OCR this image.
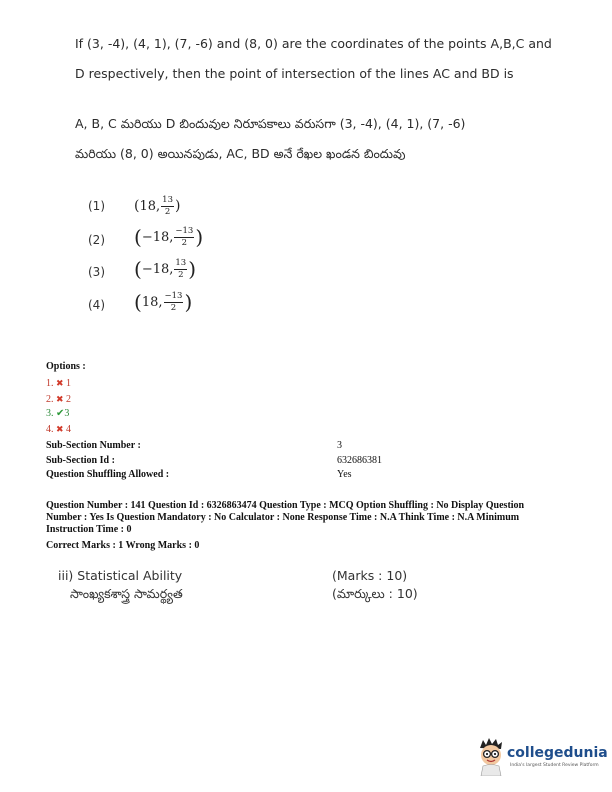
If (3, -4), (4, 1), (7, -6) and (8, 0) are the coordinates of the points A,B,C and
D respectively, then the point of intersection of the lines AC and BD is
A, B, C మరియు D బిందువుల నిరూపకాలు వరుసగా (3, -4), (4, 1), (7, -6)
మరియు (8, 0) అయినపుడు, AC, BD అనే రేఖల ఖండన బిందువు
(1) ( 18, $\frac{13}{2}$ )
(2) ( −18, $\frac{-13}{2}$ )
(3) ( −18, $\frac{13}{2}$ )
(4) ( 18, $\frac{-13}{2}$ )
Options :
1. ✖ 1
2. ✖ 2
3. ✔3
4. ✖ 4
Sub-Section Number :	3
Sub-Section Id :	632686381
Question Shuffling Allowed :	Yes
Question Number : 141 Question Id : 6326863474 Question Type : MCQ Option Shuffling : No Display Question
Number : Yes Is Question Mandatory : No Calculator : None Response Time : N.A Think Time : N.A Minimum
Instruction Time : 0
Correct Marks : 1 Wrong Marks : 0
iii) Statistical Ability	(Marks : 10)
సాంఖ్యకశాస్త్ర సామర్థ్యత	(మార్కులు : 10)
collegedunia
India's largest Student Review Platform
